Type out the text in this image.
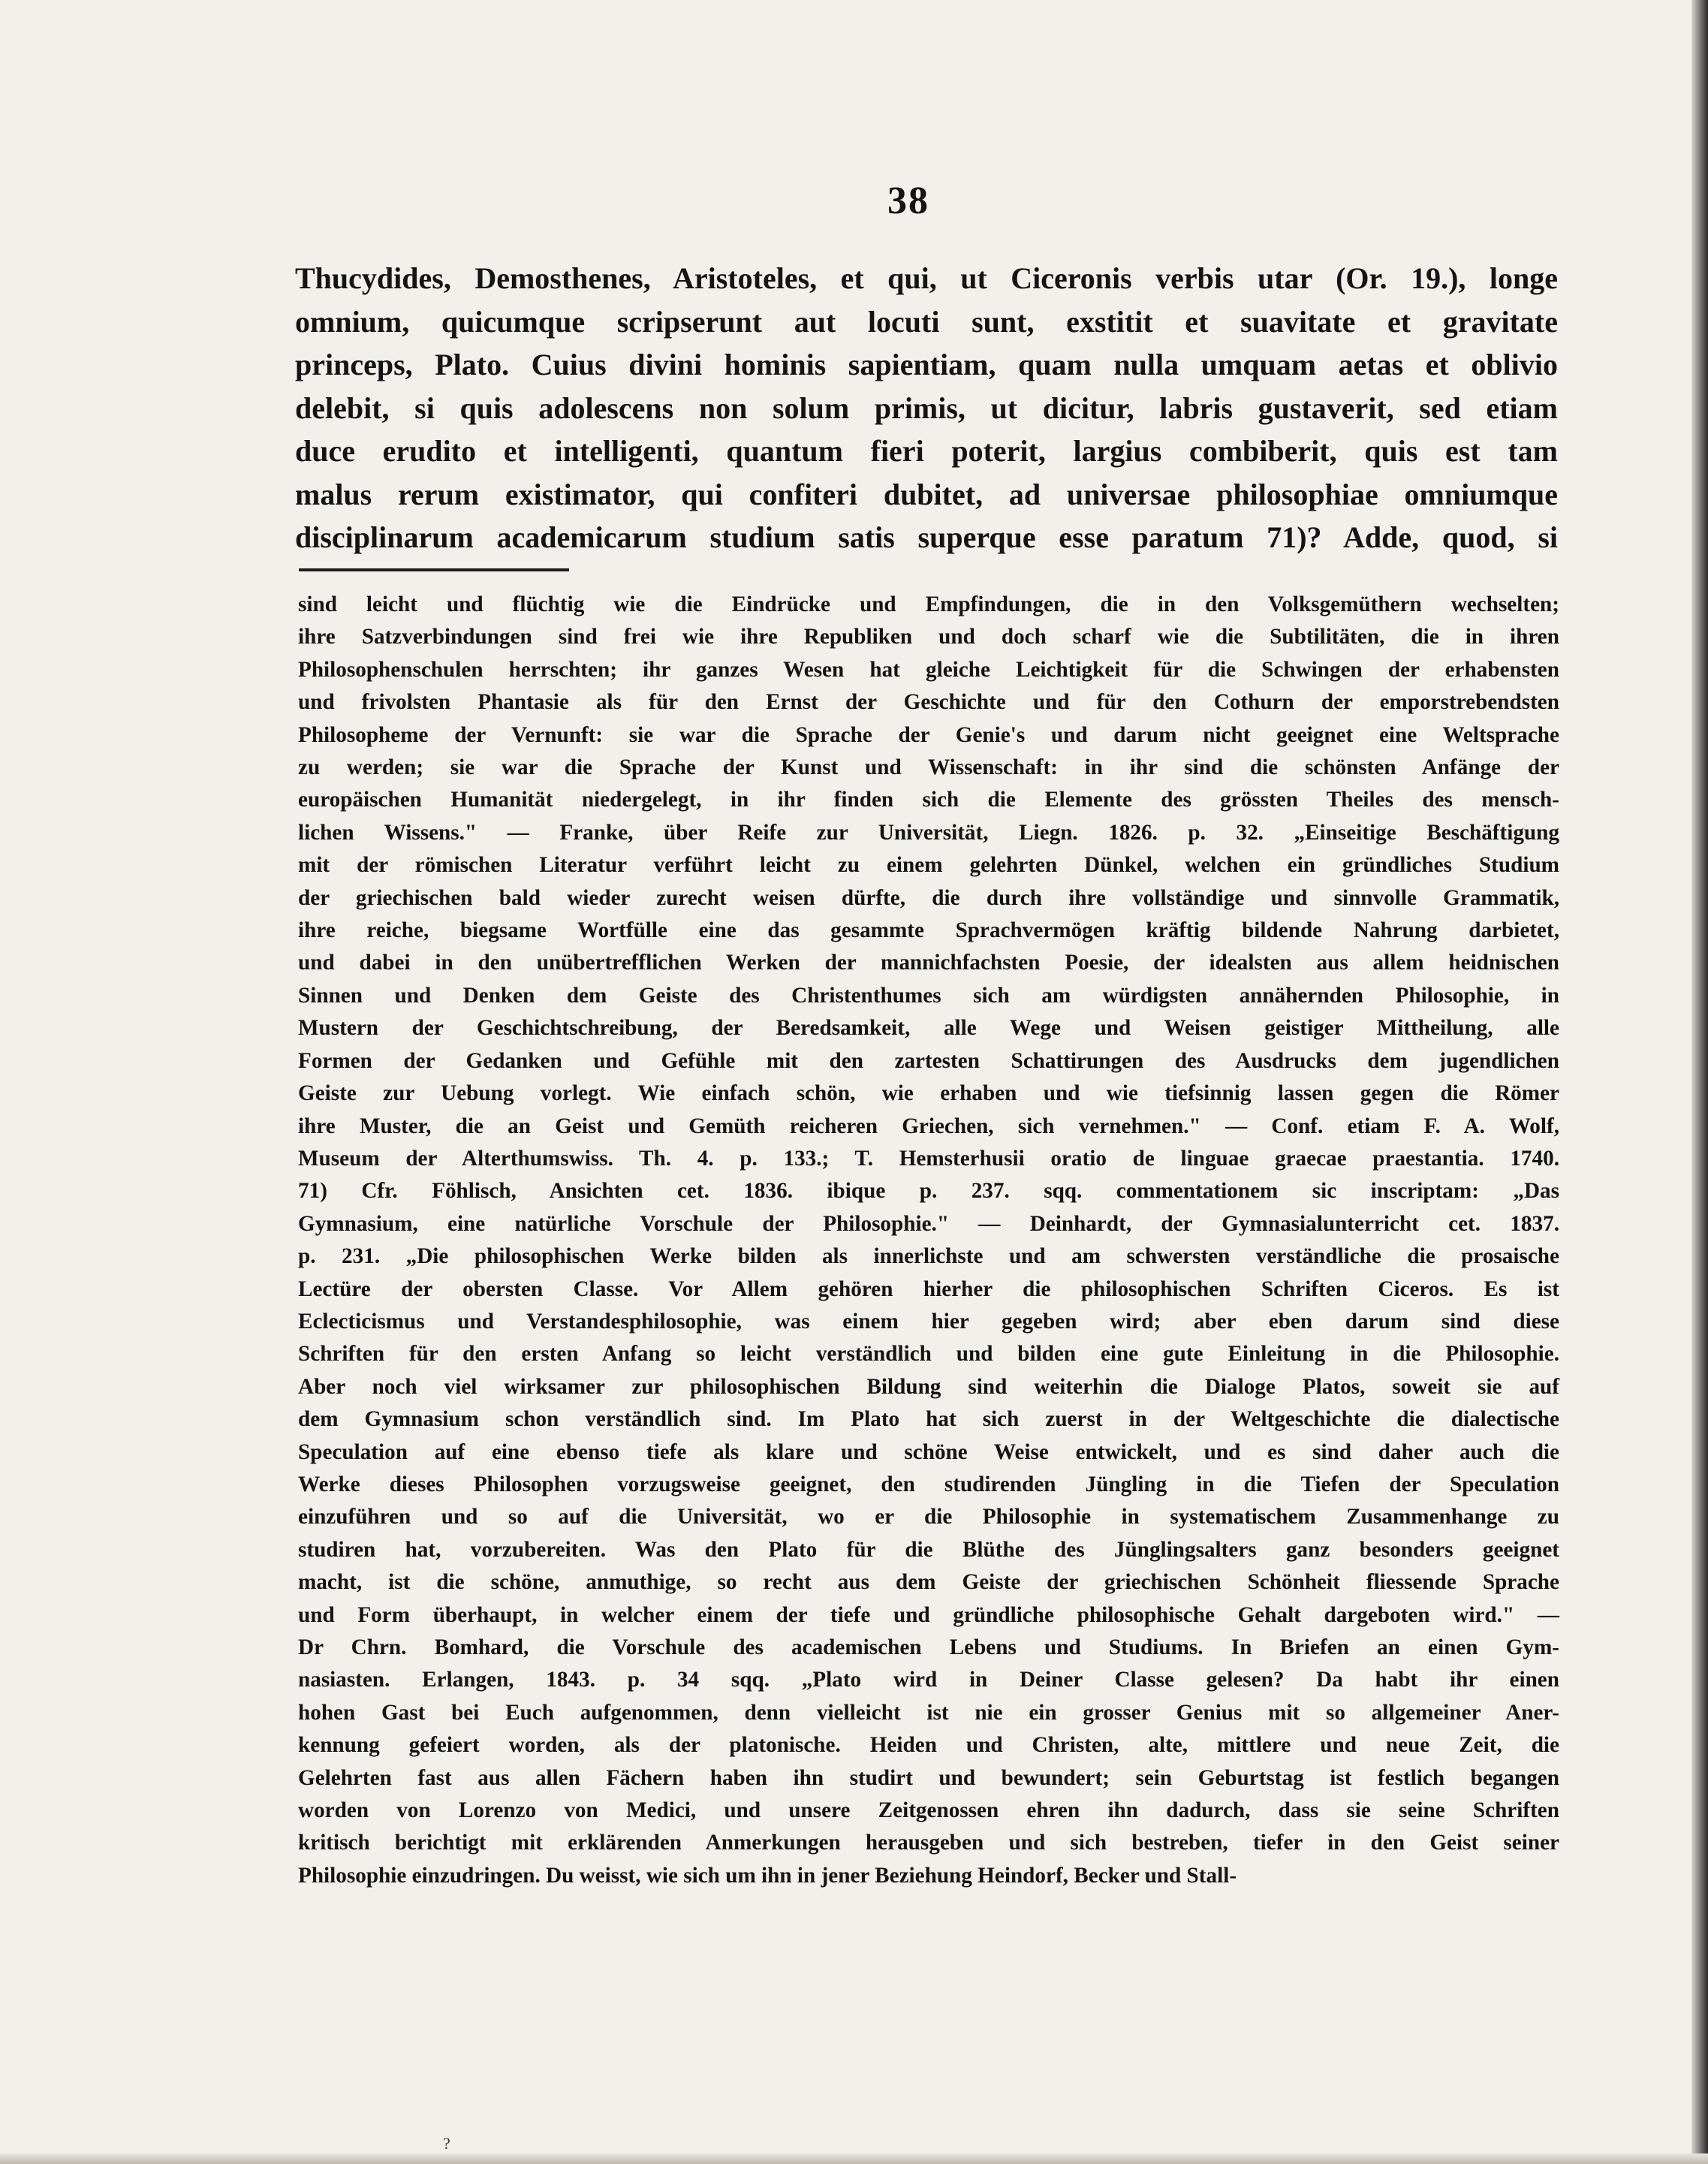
38
Thucydides, Demosthenes, Aristoteles, et qui, ut Ciceronis verbis utar (Or. 19.), longe
omnium, quicumque scripserunt aut locuti sunt, exstitit et suavitate et gravitate
princeps, Plato. Cuius divini hominis sapientiam, quam nulla umquam aetas et oblivio
delebit, si quis adolescens non solum primis, ut dicitur, labris gustaverit, sed etiam
duce erudito et intelligenti, quantum fieri poterit, largius combiberit, quis est tam
malus rerum existimator, qui confiteri dubitet, ad universae philosophiae omniumque
disciplinarum academicarum studium satis superque esse paratum 71)? Adde, quod, si
sind leicht und flüchtig wie die Eindrücke und Empfindungen, die in den Volksgemüthern wechselten;
ihre Satzverbindungen sind frei wie ihre Republiken und doch scharf wie die Subtilitäten, die in ihren
Philosophenschulen herrschten; ihr ganzes Wesen hat gleiche Leichtigkeit für die Schwingen der erhabensten
und frivolsten Phantasie als für den Ernst der Geschichte und für den Cothurn der emporstrebendsten
Philosopheme der Vernunft: sie war die Sprache der Genie's und darum nicht geeignet eine Weltsprache
zu werden; sie war die Sprache der Kunst und Wissenschaft: in ihr sind die schönsten Anfänge der
europäischen Humanität niedergelegt, in ihr finden sich die Elemente des grössten Theiles des mensch-
lichen Wissens." — Franke, über Reife zur Universität, Liegn. 1826. p. 32. „Einseitige Beschäftigung
mit der römischen Literatur verführt leicht zu einem gelehrten Dünkel, welchen ein gründliches Studium
der griechischen bald wieder zurecht weisen dürfte, die durch ihre vollständige und sinnvolle Grammatik,
ihre reiche, biegsame Wortfülle eine das gesammte Sprachvermögen kräftig bildende Nahrung darbietet,
und dabei in den unübertrefflichen Werken der mannichfachsten Poesie, der idealsten aus allem heidnischen
Sinnen und Denken dem Geiste des Christenthumes sich am würdigsten annähernden Philosophie, in
Mustern der Geschichtschreibung, der Beredsamkeit, alle Wege und Weisen geistiger Mittheilung, alle
Formen der Gedanken und Gefühle mit den zartesten Schattirungen des Ausdrucks dem jugendlichen
Geiste zur Uebung vorlegt. Wie einfach schön, wie erhaben und wie tiefsinnig lassen gegen die Römer
ihre Muster, die an Geist und Gemüth reicheren Griechen, sich vernehmen." — Conf. etiam F. A. Wolf,
Museum der Alterthumswiss. Th. 4. p. 133.; T. Hemsterhusii oratio de linguae graecae praestantia. 1740.
71) Cfr. Föhlisch, Ansichten cet. 1836. ibique p. 237. sqq. commentationem sic inscriptam: „Das
Gymnasium, eine natürliche Vorschule der Philosophie." — Deinhardt, der Gymnasialunterricht cet. 1837.
p. 231. „Die philosophischen Werke bilden als innerlichste und am schwersten verständliche die prosaische
Lectüre der obersten Classe. Vor Allem gehören hierher die philosophischen Schriften Ciceros. Es ist
Eclecticismus und Verstandesphilosophie, was einem hier gegeben wird; aber eben darum sind diese
Schriften für den ersten Anfang so leicht verständlich und bilden eine gute Einleitung in die Philosophie.
Aber noch viel wirksamer zur philosophischen Bildung sind weiterhin die Dialoge Platos, soweit sie auf
dem Gymnasium schon verständlich sind. Im Plato hat sich zuerst in der Weltgeschichte die dialectische
Speculation auf eine ebenso tiefe als klare und schöne Weise entwickelt, und es sind daher auch die
Werke dieses Philosophen vorzugsweise geeignet, den studirenden Jüngling in die Tiefen der Speculation
einzuführen und so auf die Universität, wo er die Philosophie in systematischem Zusammenhange zu
studiren hat, vorzubereiten. Was den Plato für die Blüthe des Jünglingsalters ganz besonders geeignet
macht, ist die schöne, anmuthige, so recht aus dem Geiste der griechischen Schönheit fliessende Sprache
und Form überhaupt, in welcher einem der tiefe und gründliche philosophische Gehalt dargeboten wird." —
Dr Chrn. Bomhard, die Vorschule des academischen Lebens und Studiums. In Briefen an einen Gym-
nasiasten. Erlangen, 1843. p. 34 sqq. „Plato wird in Deiner Classe gelesen? Da habt ihr einen
hohen Gast bei Euch aufgenommen, denn vielleicht ist nie ein grosser Genius mit so allgemeiner Aner-
kennung gefeiert worden, als der platonische. Heiden und Christen, alte, mittlere und neue Zeit, die
Gelehrten fast aus allen Fächern haben ihn studirt und bewundert; sein Geburtstag ist festlich begangen
worden von Lorenzo von Medici, und unsere Zeitgenossen ehren ihn dadurch, dass sie seine Schriften
kritisch berichtigt mit erklärenden Anmerkungen herausgeben und sich bestreben, tiefer in den Geist seiner
Philosophie einzudringen. Du weisst, wie sich um ihn in jener Beziehung Heindorf, Becker und Stall-
?
